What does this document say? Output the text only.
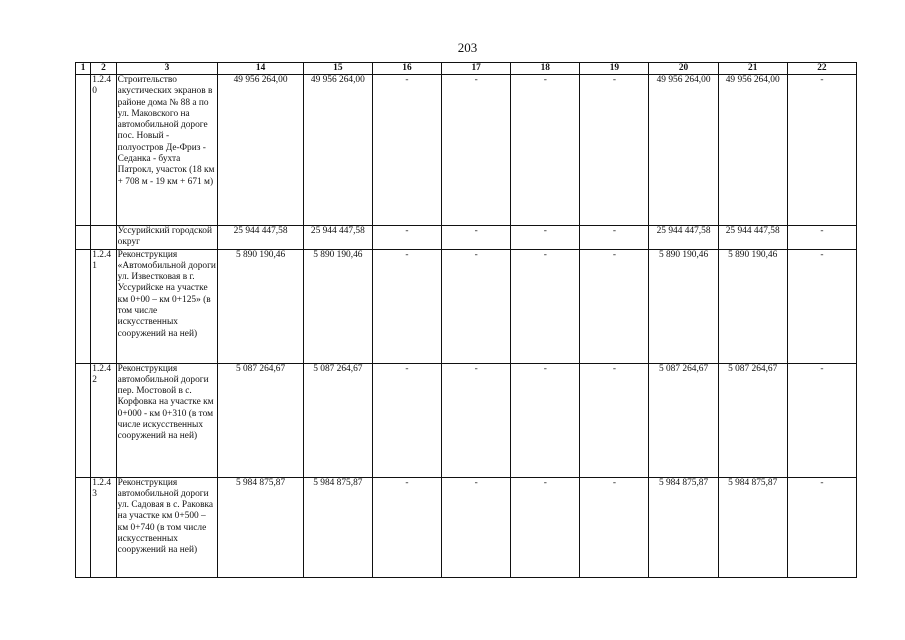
203
1	2	3	14	15	16	17	18	19	20	21	22
	1.2.4 0	Строительство акустических экранов в районе дома № 88 а по ул. Маковского на автомобильной дороге пос. Новый - полуостров Де-Фриз - Седанка - бухта Патрокл, участок (18 км + 708 м - 19 км + 671 м)	49 956 264,00	49 956 264,00	-	-	-	-	49 956 264,00	49 956 264,00	-
		Уссурийский городской округ	25 944 447,58	25 944 447,58	-	-	-	-	25 944 447,58	25 944 447,58	-
	1.2.4 1	Реконструкция «Автомобильной дороги ул. Известковая в г. Уссурийске на участке км 0+00 – км 0+125» (в том числе искусственных сооружений на ней)	5 890 190,46	5 890 190,46	-	-	-	-	5 890 190,46	5 890 190,46	-
	1.2.4 2	Реконструкция автомобильной дороги пер. Мостовой в с. Корфовка на участке км 0+000 - км 0+310 (в том числе искусственных сооружений на ней)	5 087 264,67	5 087 264,67	-	-	-	-	5 087 264,67	5 087 264,67	-
	1.2.4 3	Реконструкция автомобильной дороги ул. Садовая в с. Раковка на участке км 0+500 – км 0+740 (в том числе искусственных сооружений на ней)	5 984 875,87	5 984 875,87	-	-	-	-	5 984 875,87	5 984 875,87	-
